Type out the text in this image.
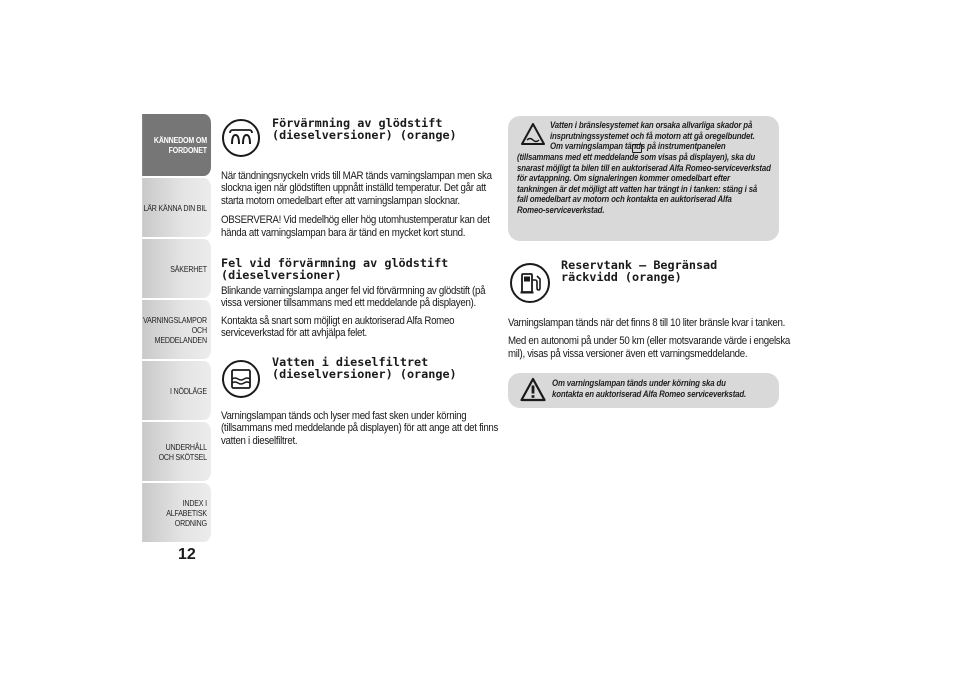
KÄNNEDOM OM FORDONET
LÄR KÄNNA DIN BIL
SÄKERHET
VARNINGSLAMPOR OCH MEDDELANDEN
I NÖDLÄGE
UNDERHÅLL OCH SKÖTSEL
INDEX I ALFABETISK ORDNING
12
Förvärmning av glödstift
(dieselversioner) (orange)

När tändningsnyckeln vrids till MAR tänds varningslampan men ska slockna igen när glödstiften uppnått inställd temperatur. Det går att starta motorn omedelbart efter att varningslampan slocknar.

OBSERVERA! Vid medelhög eller hög utomhustemperatur kan det hända att varningslampan bara är tänd en mycket kort stund.

Fel vid förvärmning av glödstift
(dieselversioner)

Blinkande varningslampa anger fel vid förvärmning av glödstift (på vissa versioner tillsammans med ett meddelande på displayen).

Kontakta så snart som möjligt en auktoriserad Alfa Romeo serviceverkstad för att avhjälpa felet.

Vatten i dieselfiltret
(dieselversioner) (orange)

Varningslampan tänds och lyser med fast sken under körning (tillsammans med meddelande på displayen) för att ange att det finns vatten i dieselfiltret.

Vatten i bränslesystemet kan orsaka allvarliga skador på
insprutningssystemet och få motorn att gå oregelbundet.
Om varningslampan tänds på instrumentpanelen
(tillsammans med ett meddelande som visas på displayen), ska du
snarast möjligt ta bilen till en auktoriserad Alfa Romeo-serviceverkstad
för avtappning. Om signaleringen kommer omedelbart efter
tankningen är det möjligt att vatten har trängt in i tanken: stäng i så
fall omedelbart av motorn och kontakta en auktoriserad Alfa
Romeo-serviceverkstad.
Reservtank – Begränsad
räckvidd (orange)

Varningslampan tänds när det finns 8 till 10 liter bränsle kvar i tanken.

Med en autonomi på under 50 km (eller motsvarande värde i engelska mil), visas på vissa versioner även ett varningsmeddelande.

Om varningslampan tänds under körning ska du
kontakta en auktoriserad Alfa Romeo serviceverkstad.
